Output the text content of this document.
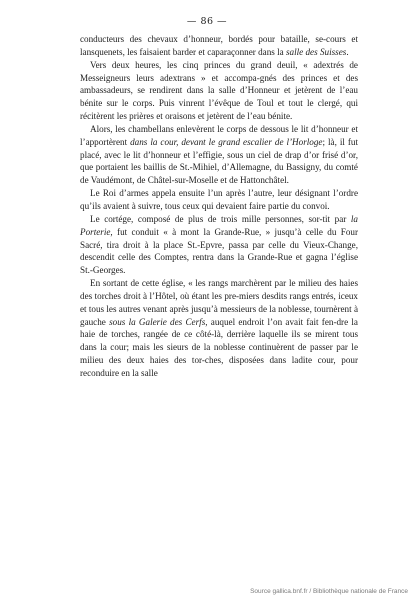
— 86 —

conducteurs des chevaux d’honneur, bordés pour bataille, se-cours et lansquenets, les faisaient barder et caparaçonner dans la salle des Suisses.

Vers deux heures, les cinq princes du grand deuil, « adextrés de Messeigneurs leurs adextrans » et accompa-gnés des princes et des ambassadeurs, se rendirent dans la salle d’Honneur et jetèrent de l’eau bénite sur le corps. Puis vinrent l’évêque de Toul et tout le clergé, qui récitèrent les prières et oraisons et jetèrent de l’eau bénite.

Alors, les chambellans enlevèrent le corps de dessous le lit d’honneur et l’apportèrent dans la cour, devant le grand escalier de l’Horloge; là, il fut placé, avec le lit d’honneur et l’effigie, sous un ciel de drap d’or frisé d’or, que portaient les baillis de St.-Mihiel, d’Allemagne, du Bassigny, du comté de Vaudémont, de Châtel-sur-Moselle et de Hattonchâtel.

Le Roi d’armes appela ensuite l’un après l’autre, leur désignant l’ordre qu’ils avaient à suivre, tous ceux qui devaient faire partie du convoi.

Le cortége, composé de plus de trois mille personnes, sor-tit par la Porterie, fut conduit « à mont la Grande-Rue, » jusqu’à celle du Four Sacré, tira droit à la place St.-Epvre, passa par celle du Vieux-Change, descendit celle des Comptes, rentra dans la Grande-Rue et gagna l’église St.-Georges.

En sortant de cette église, « les rangs marchèrent par le milieu des haies des torches droit à l’Hôtel, où étant les pre-miers desdits rangs entrés, iceux et tous les autres venant après jusqu’à messieurs de la noblesse, tournèrent à gauche sous la Galerie des Cerfs, auquel endroit l’on avait fait fen-dre la haie de torches, rangée de ce côté-là, derrière laquelle ils se mirent tous dans la cour; mais les sieurs de la noblesse continuèrent de passer par le milieu des deux haies des tor-ches, disposées dans ladite cour, pour reconduire en la salle

Source gallica.bnf.fr / Bibliothèque nationale de France
